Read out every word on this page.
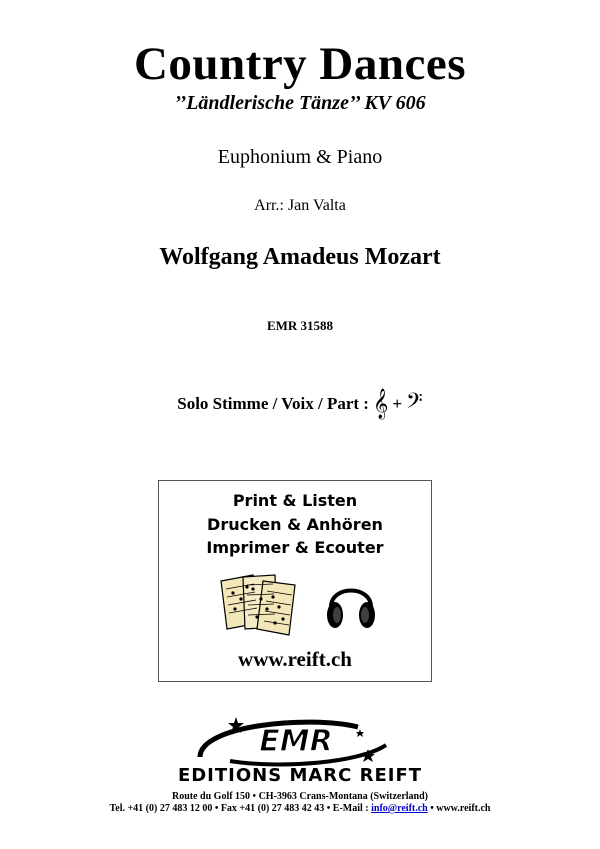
Country Dances
’’Ländlerische Tänze’’ KV 606
Euphonium & Piano
Arr.: Jan Valta
Wolfgang Amadeus Mozart
EMR 31588
Solo Stimme / Voix / Part : 𝄞 + 𝄢
Print & Listen
Drucken & Anhören
Imprimer & Ecouter
www.reift.ch
EMR
EDITIONS MARC REIFT
Route du Golf 150 • CH-3963 Crans-Montana (Switzerland)
Tel. +41 (0) 27 483 12 00 • Fax +41 (0) 27 483 42 43 • E-Mail : info@reift.ch • www.reift.ch
